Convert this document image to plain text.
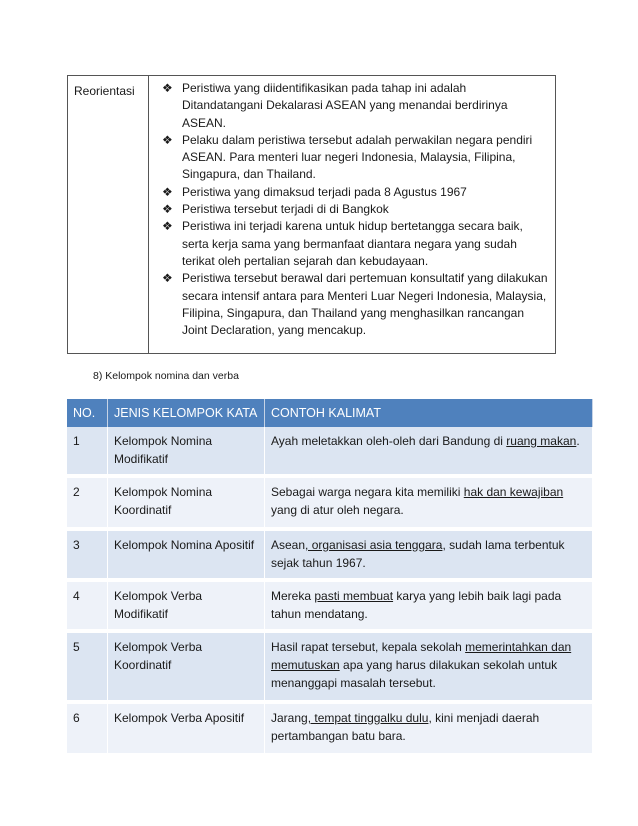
Reorientasi	❖ Peristiwa yang diidentifikasikan pada tahap ini adalah Ditandatangani Dekalarasi ASEAN yang menandai berdirinya ASEAN.
❖ Pelaku dalam peristiwa tersebut adalah perwakilan negara pendiri ASEAN. Para menteri luar negeri Indonesia, Malaysia, Filipina, Singapura, dan Thailand.
❖ Peristiwa yang dimaksud terjadi pada 8 Agustus 1967
❖ Peristiwa tersebut terjadi di di Bangkok
❖ Peristiwa ini terjadi karena untuk hidup bertetangga secara baik, serta kerja sama yang bermanfaat diantara negara yang sudah terikat oleh pertalian sejarah dan kebudayaan.
❖ Peristiwa tersebut berawal dari pertemuan konsultatif yang dilakukan secara intensif antara para Menteri Luar Negeri Indonesia, Malaysia, Filipina, Singapura, dan Thailand yang menghasilkan rancangan Joint Declaration, yang mencakup.
8) Kelompok nomina dan verba
NO.	JENIS KELOMPOK KATA	CONTOH KALIMAT
1	Kelompok Nomina Modifikatif	Ayah meletakkan oleh-oleh dari Bandung di ruang makan.
2	Kelompok Nomina Koordinatif	Sebagai warga negara kita memiliki hak dan kewajiban yang di atur oleh negara.
3	Kelompok Nomina Apositif	Asean, organisasi asia tenggara, sudah lama terbentuk sejak tahun 1967.
4	Kelompok Verba Modifikatif	Mereka pasti membuat karya yang lebih baik lagi pada tahun mendatang.
5	Kelompok Verba Koordinatif	Hasil rapat tersebut, kepala sekolah memerintahkan dan memutuskan apa yang harus dilakukan sekolah untuk menanggapi masalah tersebut.
6	Kelompok Verba Apositif	Jarang, tempat tinggalku dulu, kini menjadi daerah pertambangan batu bara.
